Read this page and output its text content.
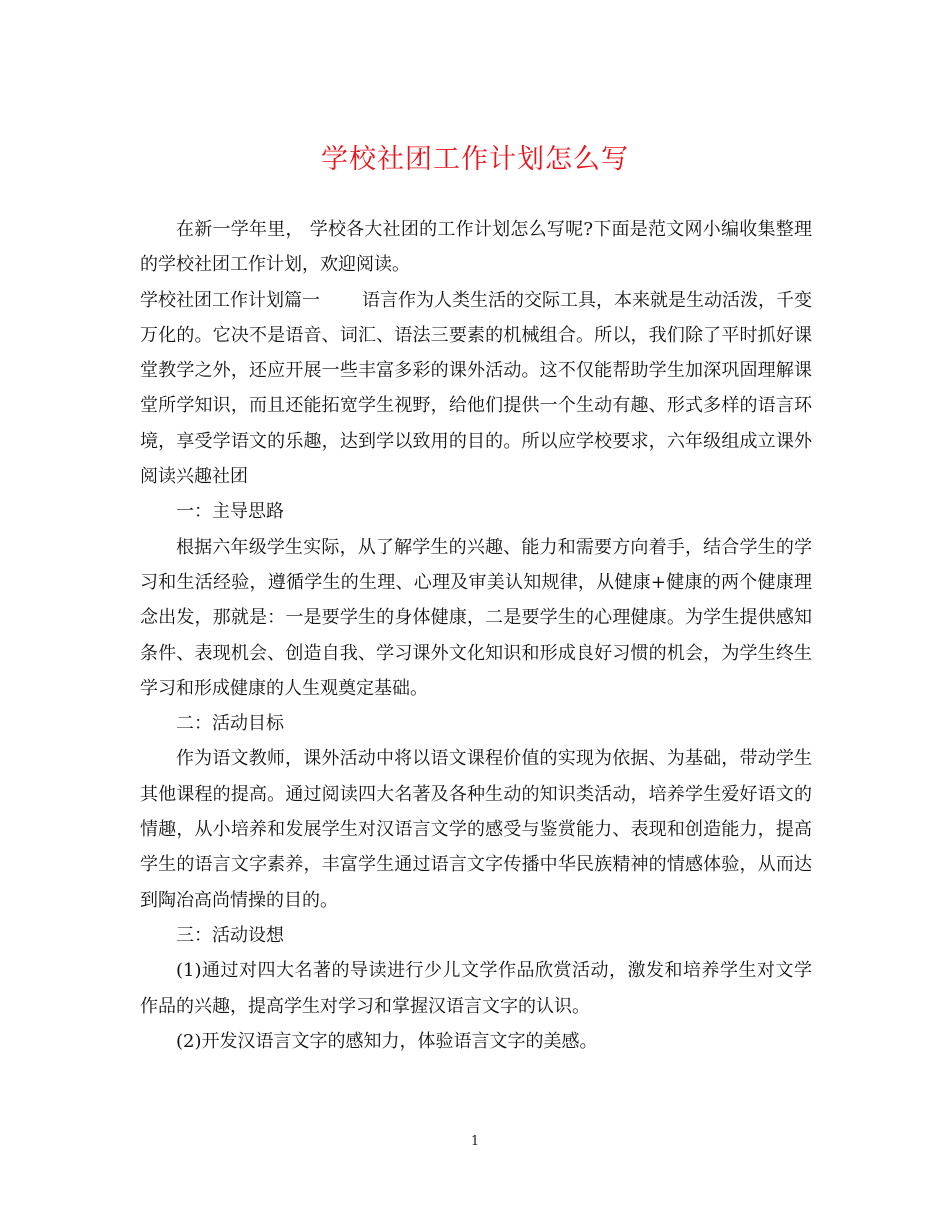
学校社团工作计划怎么写

在新一学年里， 学校各大社团的工作计划怎么写呢?下面是范文网小编收集整理的学校社团工作计划，欢迎阅读。

学校社团工作计划篇一 语言作为人类生活的交际工具，本来就是生动活泼，千变万化的。它决不是语音、词汇、语法三要素的机械组合。所以，我们除了平时抓好课堂教学之外，还应开展一些丰富多彩的课外活动。这不仅能帮助学生加深巩固理解课堂所学知识，而且还能拓宽学生视野，给他们提供一个生动有趣、形式多样的语言环境，享受学语文的乐趣，达到学以致用的目的。所以应学校要求，六年级组成立课外阅读兴趣社团

一：主导思路

根据六年级学生实际，从了解学生的兴趣、能力和需要方向着手，结合学生的学习和生活经验，遵循学生的生理、心理及审美认知规律，从健康+健康的两个健康理念出发，那就是：一是要学生的身体健康，二是要学生的心理健康。为学生提供感知条件、表现机会、创造自我、学习课外文化知识和形成良好习惯的机会，为学生终生学习和形成健康的人生观奠定基础。

二：活动目标

作为语文教师，课外活动中将以语文课程价值的实现为依据、为基础，带动学生其他课程的提高。通过阅读四大名著及各种生动的知识类活动，培养学生爱好语文的情趣，从小培养和发展学生对汉语言文学的感受与鉴赏能力、表现和创造能力，提高学生的语言文字素养，丰富学生通过语言文字传播中华民族精神的情感体验，从而达到陶冶高尚情操的目的。

三：活动设想

(1)通过对四大名著的导读进行少儿文学作品欣赏活动，激发和培养学生对文学作品的兴趣，提高学生对学习和掌握汉语言文字的认识。

(2)开发汉语言文字的感知力，体验语言文字的美感。

1
